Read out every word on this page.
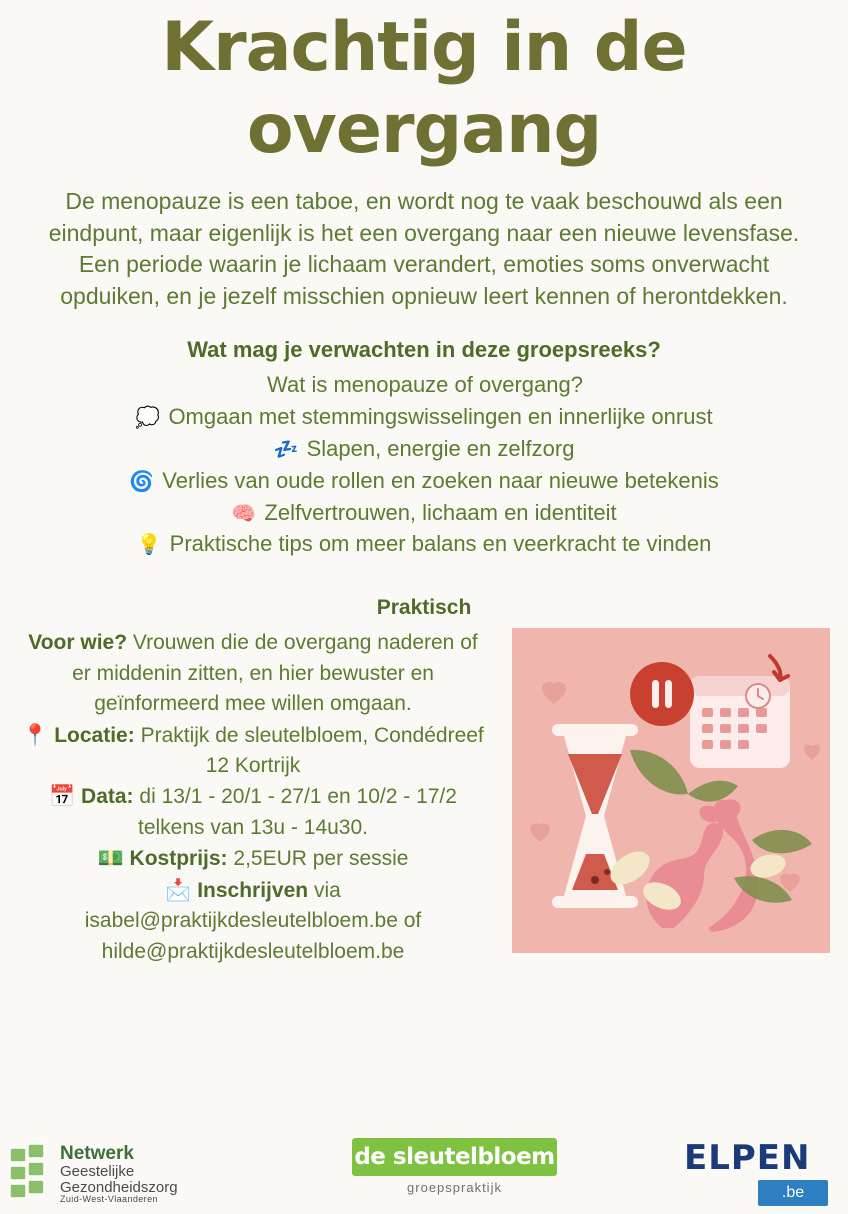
Krachtig in de
overgang

De menopauze is een taboe, en wordt nog te vaak beschouwd als een eindpunt, maar eigenlijk is het een overgang naar een nieuwe levensfase. Een periode waarin je lichaam verandert, emoties soms onverwacht opduiken, en je jezelf misschien opnieuw leert kennen of herontdekken.

Wat mag je verwachten in deze groepsreeks?
Wat is menopauze of overgang?
💭 Omgaan met stemmingswisselingen en innerlijke onrust
💤 Slapen, energie en zelfzorg
🌀 Verlies van oude rollen en zoeken naar nieuwe betekenis
🧠 Zelfvertrouwen, lichaam en identiteit
💡 Praktische tips om meer balans en veerkracht te vinden
Praktisch

Voor wie? Vrouwen die de overgang naderen of er middenin zitten, en hier bewuster en geïnformeerd mee willen omgaan.

📍 Locatie: Praktijk de sleutelbloem, Condédreef 12 Kortrijk

📅 Data: di 13/1 - 20/1 - 27/1 en 10/2 - 17/2 telkens van 13u - 14u30.

💵 Kostprijs: 2,5EUR per sessie

📩 Inschrijven via

isabel@praktijkdesleutelbloem.be of

hilde@praktijkdesleutelbloem.be

Netwerk
Geestelijke
Gezondheidszorg
Zuid-West-Vlaanderen
de sleutelbloem
groepspraktijk
ELPEN
.be
